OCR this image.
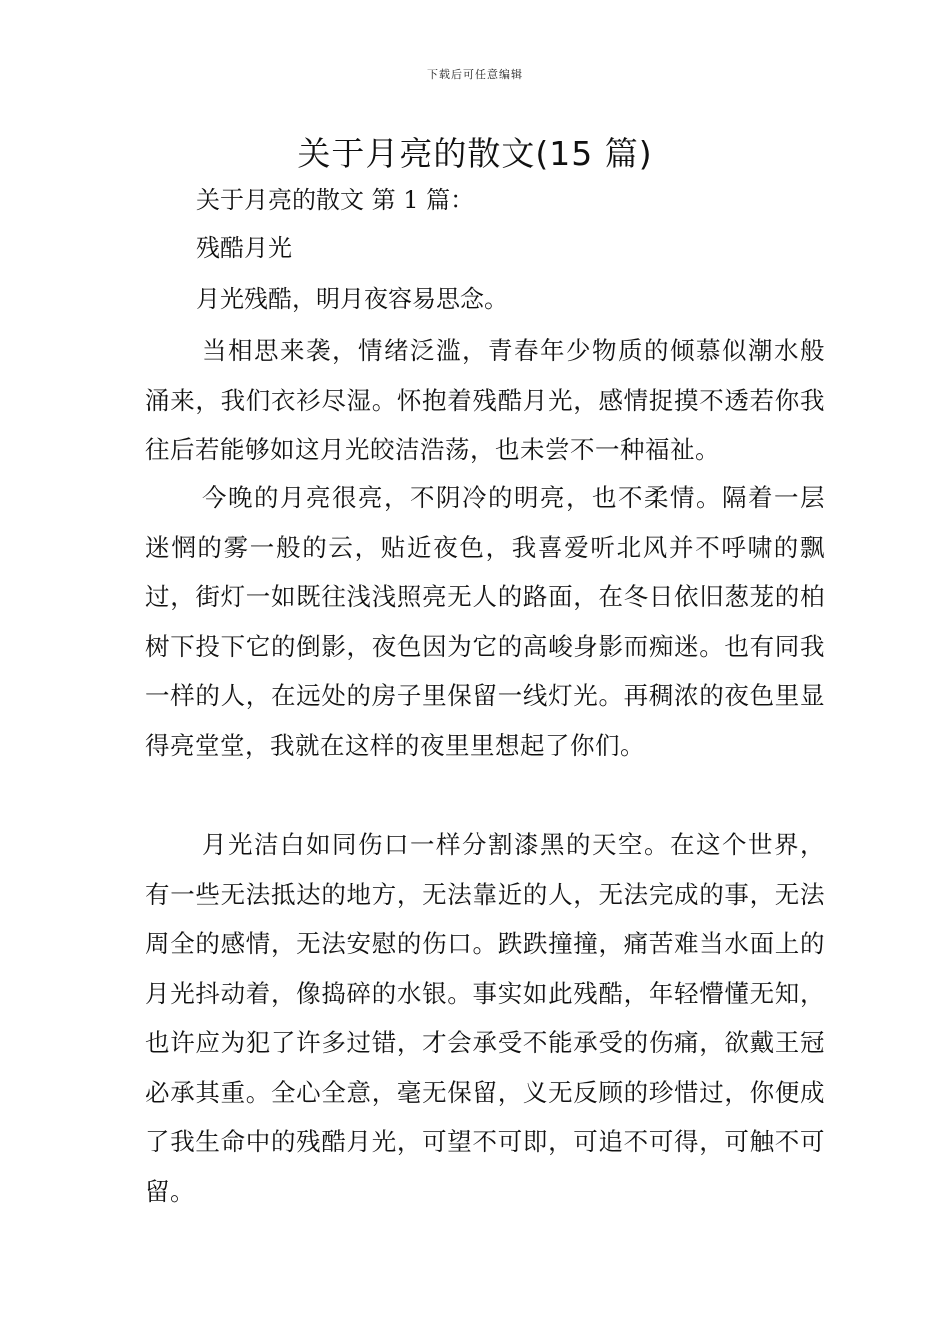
下载后可任意编辑
关于月亮的散文(15 篇)
关于月亮的散文 第 1 篇：
残酷月光
月光残酷，明月夜容易思念。

当相思来袭，情绪泛滥，青春年少物质的倾慕似潮水般涌来，我们衣衫尽湿。怀抱着残酷月光，感情捉摸不透若你我往后若能够如这月光皎洁浩荡，也未尝不一种福祉。

今晚的月亮很亮，不阴冷的明亮，也不柔情。隔着一层迷惘的雾一般的云，贴近夜色，我喜爱听北风并不呼啸的飘过，街灯一如既往浅浅照亮无人的路面，在冬日依旧葱茏的柏树下投下它的倒影，夜色因为它的高峻身影而痴迷。也有同我一样的人，在远处的房子里保留一线灯光。再稠浓的夜色里显得亮堂堂，我就在这样的夜里里想起了你们。

月光洁白如同伤口一样分割漆黑的天空。在这个世界，有一些无法抵达的地方，无法靠近的人，无法完成的事，无法周全的感情，无法安慰的伤口。跌跌撞撞，痛苦难当水面上的月光抖动着，像捣碎的水银。事实如此残酷，年轻懵懂无知，也许应为犯了许多过错，才会承受不能承受的伤痛，欲戴王冠必承其重。全心全意，毫无保留，义无反顾的珍惜过，你便成了我生命中的残酷月光，可望不可即，可追不可得，可触不可留。
